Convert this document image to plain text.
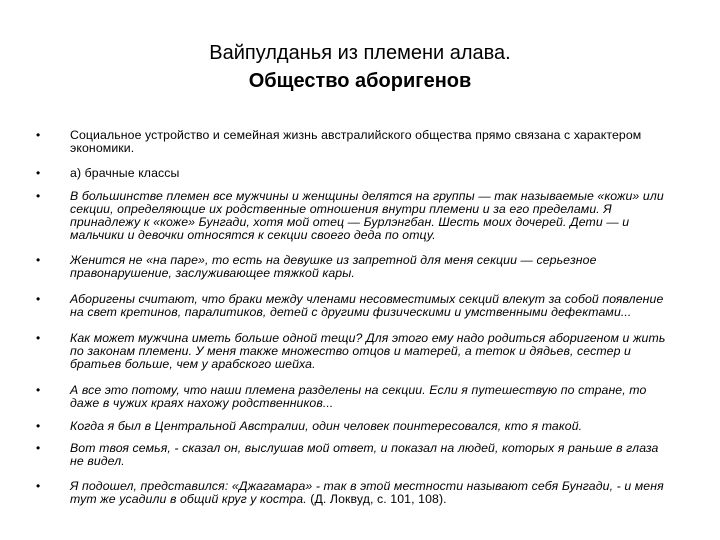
Вайпулданья из племени алава.
Общество аборигенов
• Социальное устройство и семейная жизнь австралийского общества прямо связана с характером экономики.
• а) брачные классы
• В большинстве племен все мужчины и женщины делятся на группы — так называемые «кожи» или секции, определяющие их родственные отношения внутри племени и за его пределами. Я принадлежу к «коже» Бунгади, хотя мой отец — Бурлэнгбан. Шесть моих дочерей. Дети — и мальчики и девочки относятся к секции своего деда по отцу.
• Женится не «на паре», то есть на девушке из запретной для меня секции — серьезное правонарушение, заслуживающее тяжкой кары.
• Аборигены считают, что браки между членами несовместимых секций влекут за собой появление на свет кретинов, паралитиков, детей с другими физическими и умственными дефектами...
• Как может мужчина иметь больше одной тещи? Для этого ему надо родиться аборигеном и жить по законам племени. У меня также множество отцов и матерей, а теток и дядьев, сестер и братьев больше, чем у арабского шейха.
• А все это потому, что наши племена разделены на секции. Если я путешествую по стране, то даже в чужих краях нахожу родственников...
• Когда я был в Центральной Австралии, один человек поинтересовался, кто я такой.
• Вот твоя семья, - сказал он, выслушав мой ответ, и показал на людей, которых я раньше в глаза не видел.
• Я подошел, представился: «Джагамара» - так в этой местности называют себя Бунгади, - и меня тут же усадили в общий круг у костра. (Д. Локвуд, с. 101, 108).
